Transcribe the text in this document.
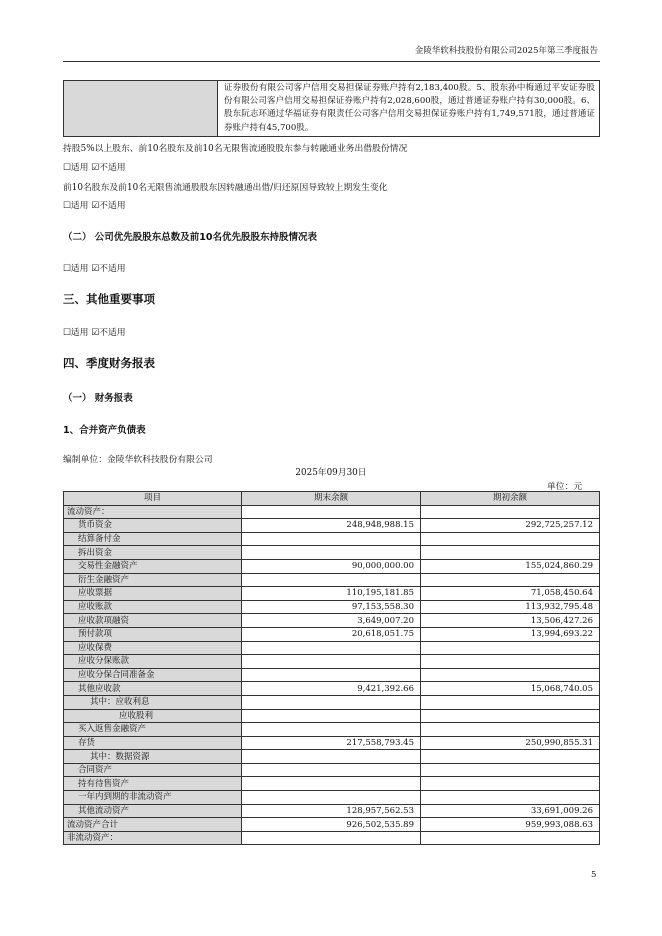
金陵华软科技股份有限公司2025年第三季度报告
	证券股份有限公司客户信用交易担保证券账户持有2,183,400股。5、股东孙中梅通过平安证券股份有限公司客户信用交易担保证券账户持有2,028,600股，通过普通证券账户持有30,000股。6、股东阮志环通过华福证券有限责任公司客户信用交易担保证券账户持有1,749,571股，通过普通证券账户持有45,700股。
持股5%以上股东、前10名股东及前10名无限售流通股股东参与转融通业务出借股份情况
☐适用 ☑不适用
前10名股东及前10名无限售流通股股东因转融通出借/归还原因导致较上期发生变化
☐适用 ☑不适用
（二） 公司优先股股东总数及前10名优先股股东持股情况表
☐适用 ☑不适用
三、其他重要事项
☐适用 ☑不适用
四、季度财务报表
（一） 财务报表
1、合并资产负债表
编制单位：金陵华软科技股份有限公司
2025年09月30日
单位：元
项目	期末余额	期初余额
流动资产：		
货币资金	248,948,988.15	292,725,257.12
结算备付金		
拆出资金		
交易性金融资产	90,000,000.00	155,024,860.29
衍生金融资产		
应收票据	110,195,181.85	71,058,450.64
应收账款	97,153,558.30	113,932,795.48
应收款项融资	3,649,007.20	13,506,427.26
预付款项	20,618,051.75	13,994,693.22
应收保费		
应收分保账款		
应收分保合同准备金		
其他应收款	9,421,392.66	15,068,740.05
其中：应收利息		
应收股利		
买入返售金融资产		
存货	217,558,793.45	250,990,855.31
其中：数据资源		
合同资产		
持有待售资产		
一年内到期的非流动资产		
其他流动资产	128,957,562.53	33,691,009.26
流动资产合计	926,502,535.89	959,993,088.63
非流动资产：		
5
